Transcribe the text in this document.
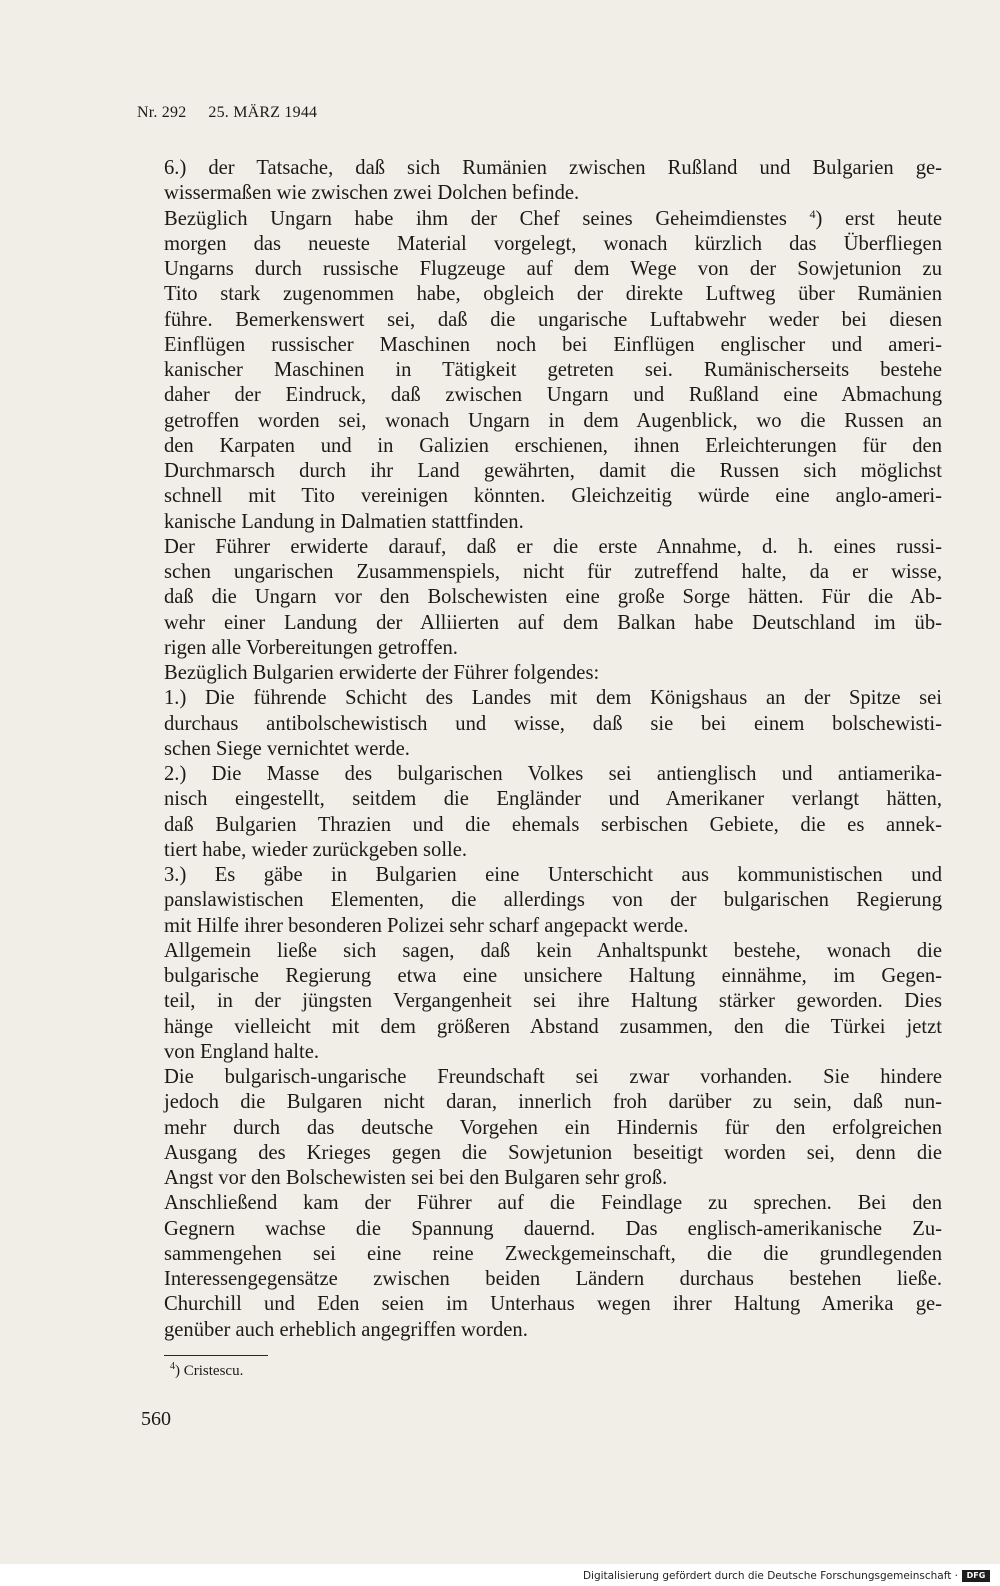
Nr. 292 25. MÄRZ 1944
6.) der Tatsache, daß sich Rumänien zwischen Rußland und Bulgarien ge-
wissermaßen wie zwischen zwei Dolchen befinde.
Bezüglich Ungarn habe ihm der Chef seines Geheimdienstes $^4$) erst heute
morgen das neueste Material vorgelegt, wonach kürzlich das Überfliegen
Ungarns durch russische Flugzeuge auf dem Wege von der Sowjetunion zu
Tito stark zugenommen habe, obgleich der direkte Luftweg über Rumänien
führe. Bemerkenswert sei, daß die ungarische Luftabwehr weder bei diesen
Einflügen russischer Maschinen noch bei Einflügen englischer und ameri-
kanischer Maschinen in Tätigkeit getreten sei. Rumänischerseits bestehe
daher der Eindruck, daß zwischen Ungarn und Rußland eine Abmachung
getroffen worden sei, wonach Ungarn in dem Augenblick, wo die Russen an
den Karpaten und in Galizien erschienen, ihnen Erleichterungen für den
Durchmarsch durch ihr Land gewährten, damit die Russen sich möglichst
schnell mit Tito vereinigen könnten. Gleichzeitig würde eine anglo-ameri-
kanische Landung in Dalmatien stattfinden.
Der Führer erwiderte darauf, daß er die erste Annahme, d. h. eines russi-
schen ungarischen Zusammenspiels, nicht für zutreffend halte, da er wisse,
daß die Ungarn vor den Bolschewisten eine große Sorge hätten. Für die Ab-
wehr einer Landung der Alliierten auf dem Balkan habe Deutschland im üb-
rigen alle Vorbereitungen getroffen.
Bezüglich Bulgarien erwiderte der Führer folgendes:
1.) Die führende Schicht des Landes mit dem Königshaus an der Spitze sei
durchaus antibolschewistisch und wisse, daß sie bei einem bolschewisti-
schen Siege vernichtet werde.
2.) Die Masse des bulgarischen Volkes sei antienglisch und antiamerika-
nisch eingestellt, seitdem die Engländer und Amerikaner verlangt hätten,
daß Bulgarien Thrazien und die ehemals serbischen Gebiete, die es annek-
tiert habe, wieder zurückgeben solle.
3.) Es gäbe in Bulgarien eine Unterschicht aus kommunistischen und
panslawistischen Elementen, die allerdings von der bulgarischen Regierung
mit Hilfe ihrer besonderen Polizei sehr scharf angepackt werde.
Allgemein ließe sich sagen, daß kein Anhaltspunkt bestehe, wonach die
bulgarische Regierung etwa eine unsichere Haltung einnähme, im Gegen-
teil, in der jüngsten Vergangenheit sei ihre Haltung stärker geworden. Dies
hänge vielleicht mit dem größeren Abstand zusammen, den die Türkei jetzt
von England halte.
Die bulgarisch-ungarische Freundschaft sei zwar vorhanden. Sie hindere
jedoch die Bulgaren nicht daran, innerlich froh darüber zu sein, daß nun-
mehr durch das deutsche Vorgehen ein Hindernis für den erfolgreichen
Ausgang des Krieges gegen die Sowjetunion beseitigt worden sei, denn die
Angst vor den Bolschewisten sei bei den Bulgaren sehr groß.
Anschließend kam der Führer auf die Feindlage zu sprechen. Bei den
Gegnern wachse die Spannung dauernd. Das englisch-amerikanische Zu-
sammengehen sei eine reine Zweckgemeinschaft, die die grundlegenden
Interessengegensätze zwischen beiden Ländern durchaus bestehen ließe.
Churchill und Eden seien im Unterhaus wegen ihrer Haltung Amerika ge-
genüber auch erheblich angegriffen worden.
$^4$) Cristescu.
560
Digitalisierung gefördert durch die Deutsche Forschungsgemeinschaft ·	DFG
